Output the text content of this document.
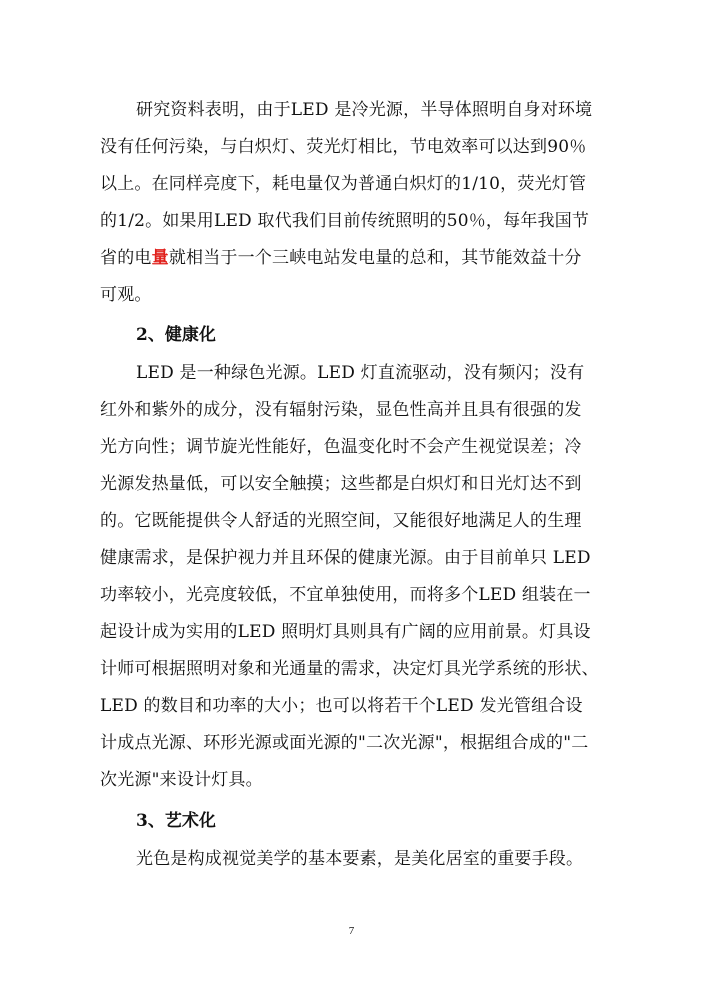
研究资料表明，由于LED 是冷光源，半导体照明自身对环境
没有任何污染，与白炽灯、荧光灯相比，节电效率可以达到90％
以上。在同样亮度下，耗电量仅为普通白炽灯的1/10，荧光灯管
的1/2。如果用LED 取代我们目前传统照明的50％，每年我国节
省的电量就相当于一个三峡电站发电量的总和，其节能效益十分
可观。
2、健康化
LED 是一种绿色光源。LED 灯直流驱动，没有频闪；没有
红外和紫外的成分，没有辐射污染，显色性高并且具有很强的发
光方向性；调节旋光性能好，色温变化时不会产生视觉误差；冷
光源发热量低，可以安全触摸；这些都是白炽灯和日光灯达不到
的。它既能提供令人舒适的光照空间，又能很好地满足人的生理
健康需求，是保护视力并且环保的健康光源。由于目前单只 LED
功率较小，光亮度较低，不宜单独使用，而将多个LED 组装在一
起设计成为实用的LED 照明灯具则具有广阔的应用前景。灯具设
计师可根据照明对象和光通量的需求，决定灯具光学系统的形状、
LED 的数目和功率的大小；也可以将若干个LED 发光管组合设
计成点光源、环形光源或面光源的"二次光源"，根据组合成的"二
次光源"来设计灯具。
3、艺术化
光色是构成视觉美学的基本要素，是美化居室的重要手段。
7
